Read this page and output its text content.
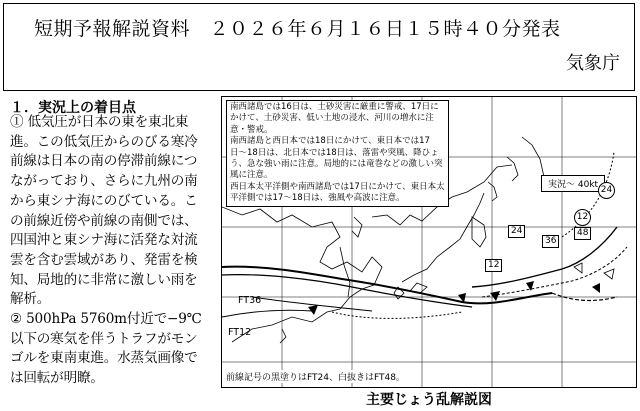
短期予報解説資料　２０２６年６月１６日１５時４０分発表
気象庁
１．実況上の着目点

① 低気圧が日本の東を東北東進。この低気圧からのびる寒冷前線は日本の南の停滞前線につながっており、さらに九州の南から東シナ海にのびている。この前線近傍や前線の南側では、四国沖と東シナ海に活発な対流雲を含む雲域があり、発雷を検知、局地的に非常に激しい雨を解析。

② 500hPa 5760m付近で−9℃以下の寒気を伴うトラフがモンゴルを東南東進。水蒸気画像では回転が明瞭。

南西諸島では16日は、土砂災害に厳重に警戒、17日にかけて、土砂災害、低い土地の浸水、河川の増水に注意・警戒。
南西諸島と西日本では18日にかけて、東日本では17日〜18日は、北日本では18日は、落雷や突風、降ひょう、急な強い雨に注意。局地的には竜巻などの激しい突風に注意。
西日本太平洋側や南西諸島では17日にかけて、東日本太平洋側では17〜18日は、強風や高波に注意。
実況～ 40kt 24
12
48
36
24
12
FT36
FT12
前線記号の黒塗りはFT24、白抜きはFT48。
主要じょう乱解説図
